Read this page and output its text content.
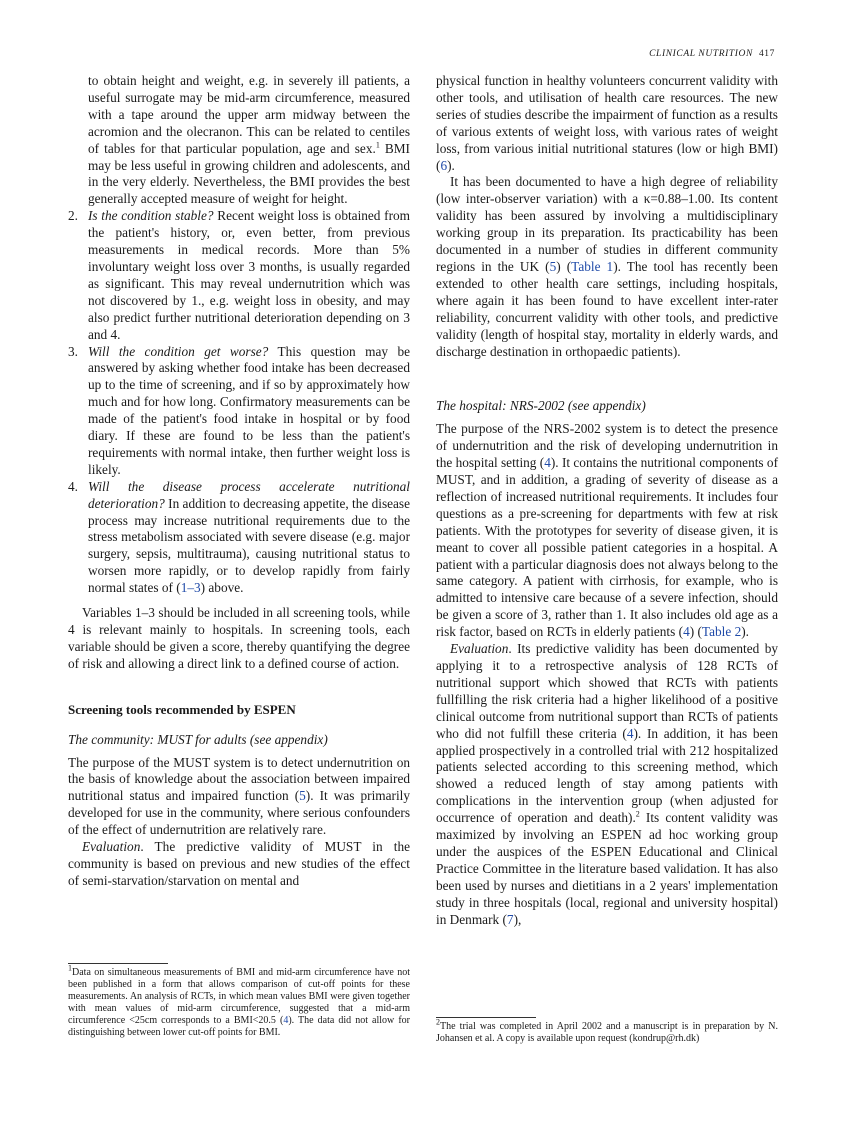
CLINICAL NUTRITION 417

to obtain height and weight, e.g. in severely ill patients, a useful surrogate may be mid-arm circumference, measured with a tape around the upper arm midway between the acromion and the olecranon. This can be related to centiles of tables for that particular population, age and sex.$^1$ BMI may be less useful in growing children and adolescents, and in the very elderly. Nevertheless, the BMI provides the best generally accepted measure of weight for height.

2. Is the condition stable? Recent weight loss is obtained from the patient's history, or, even better, from previous measurements in medical records. More than 5% involuntary weight loss over 3 months, is usually regarded as significant. This may reveal undernutrition which was not discovered by 1., e.g. weight loss in obesity, and may also predict further nutritional deterioration depending on 3 and 4.

3. Will the condition get worse? This question may be answered by asking whether food intake has been decreased up to the time of screening, and if so by approximately how much and for how long. Confirmatory measurements can be made of the patient's food intake in hospital or by food diary. If these are found to be less than the patient's requirements with normal intake, then further weight loss is likely.

4. Will the disease process accelerate nutritional deterioration? In addition to decreasing appetite, the disease process may increase nutritional requirements due to the stress metabolism associated with severe disease (e.g. major surgery, sepsis, multitrauma), causing nutritional status to worsen more rapidly, or to develop rapidly from fairly normal states of (1–3) above.

Variables 1–3 should be included in all screening tools, while 4 is relevant mainly to hospitals. In screening tools, each variable should be given a score, thereby quantifying the degree of risk and allowing a direct link to a defined course of action.

Screening tools recommended by ESPEN

The community: MUST for adults (see appendix)

The purpose of the MUST system is to detect undernutrition on the basis of knowledge about the association between impaired nutritional status and impaired function (5). It was primarily developed for use in the community, where serious confounders of the effect of undernutrition are relatively rare.

Evaluation. The predictive validity of MUST in the community is based on previous and new studies of the effect of semi-starvation/starvation on mental and

$^1$Data on simultaneous measurements of BMI and mid-arm circumference have not been published in a form that allows comparison of cut-off points for these measurements. An analysis of RCTs, in which mean values BMI were given together with mean values of mid-arm circumference, suggested that a mid-arm circumference <25cm corresponds to a BMI<20.5 (4). The data did not allow for distinguishing between lower cut-off points for BMI.

physical function in healthy volunteers concurrent validity with other tools, and utilisation of health care resources. The new series of studies describe the impairment of function as a results of various extents of weight loss, with various rates of weight loss, from various initial nutritional statures (low or high BMI) (6).

It has been documented to have a high degree of reliability (low inter-observer variation) with a κ=0.88–1.00. Its content validity has been assured by involving a multidisciplinary working group in its preparation. Its practicability has been documented in a number of studies in different community regions in the UK (5) (Table 1). The tool has recently been extended to other health care settings, including hospitals, where again it has been found to have excellent inter-rater reliability, concurrent validity with other tools, and predictive validity (length of hospital stay, mortality in elderly wards, and discharge destination in orthopaedic patients).

The hospital: NRS-2002 (see appendix)

The purpose of the NRS-2002 system is to detect the presence of undernutrition and the risk of developing undernutrition in the hospital setting (4). It contains the nutritional components of MUST, and in addition, a grading of severity of disease as a reflection of increased nutritional requirements. It includes four questions as a pre-screening for departments with few at risk patients. With the prototypes for severity of disease given, it is meant to cover all possible patient categories in a hospital. A patient with a particular diagnosis does not always belong to the same category. A patient with cirrhosis, for example, who is admitted to intensive care because of a severe infection, should be given a score of 3, rather than 1. It also includes old age as a risk factor, based on RCTs in elderly patients (4) (Table 2).

Evaluation. Its predictive validity has been documented by applying it to a retrospective analysis of 128 RCTs of nutritional support which showed that RCTs with patients fullfilling the risk criteria had a higher likelihood of a positive clinical outcome from nutritional support than RCTs of patients who did not fulfill these criteria (4). In addition, it has been applied prospectively in a controlled trial with 212 hospitalized patients selected according to this screening method, which showed a reduced length of stay among patients with complications in the intervention group (when adjusted for occurrence of operation and death).$^2$ Its content validity was maximized by involving an ESPEN ad hoc working group under the auspices of the ESPEN Educational and Clinical Practice Committee in the literature based validation. It has also been used by nurses and dietitians in a 2 years' implementation study in three hospitals (local, regional and university hospital) in Denmark (7),

$^2$The trial was completed in April 2002 and a manuscript is in preparation by N. Johansen et al. A copy is available upon request (kondrup@rh.dk)
